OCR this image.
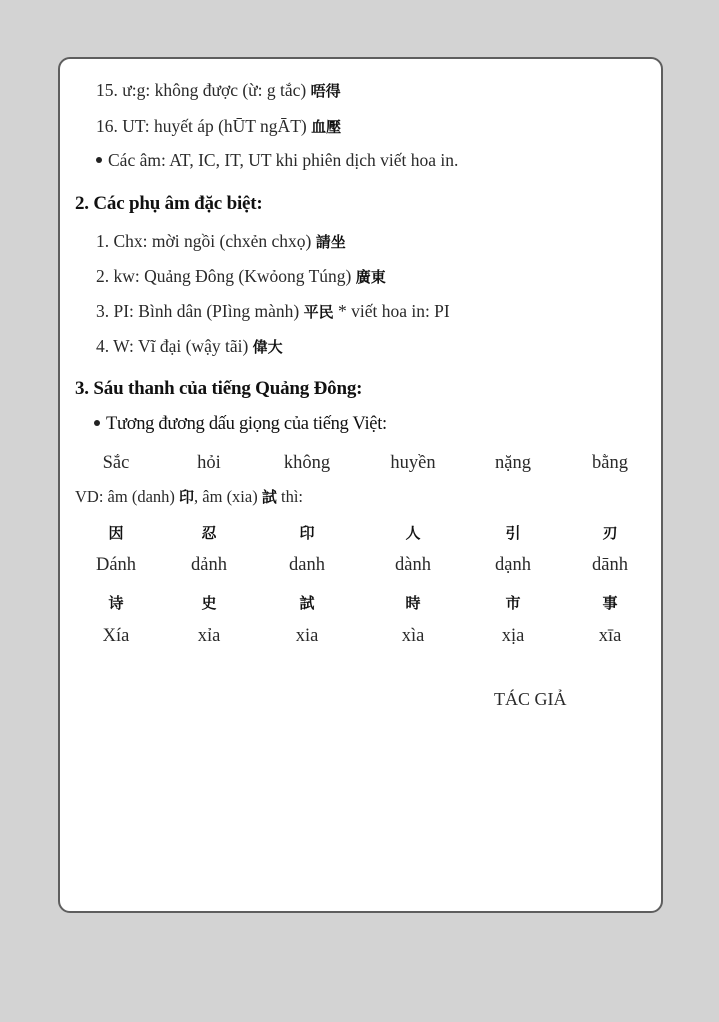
15. ư:g: không được (ừ: g tắc) 唔得
16. UT: huyết áp (hŪT ngĀT) 血壓
Các âm: AT, IC, IT, UT khi phiên dịch viết hoa in.
2. Các phụ âm đặc biệt:
1. Chx: mời ngồi (chxẻn chxọ) 請坐
2. kw: Quảng Đông (Kwỏong Túng) 廣東
3. PI: Bình dân (PIìng mành) 平民 * viết hoa in: PI
4. W: Vĩ đại (wậy tãi) 偉大
3. Sáu thanh của tiếng Quảng Đông:
Tương đương dấu giọng của tiếng Việt:
Sắc	hỏi	không	huyền	nặng	bằng
VD: âm (danh) 印, âm (xia) 試 thì:
因	忍	印	人	引	刃
Dánh	dảnh	danh	dành	dạnh	dānh
诗	史	試	時	市	事
Xía	xỉa	xia	xìa	xịa	xīa
TÁC GIẢ
